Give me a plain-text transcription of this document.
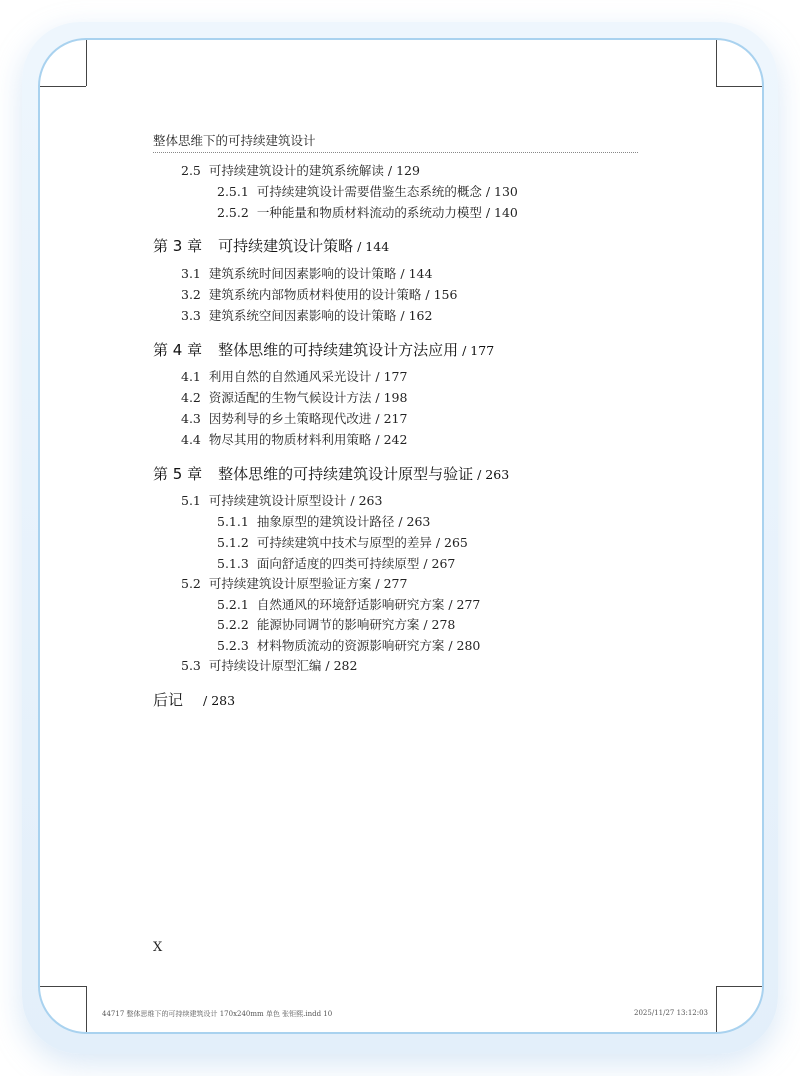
整体思维下的可持续建筑设计
2.5 可持续建筑设计的建筑系统解读 / 129
2.5.1 可持续建筑设计需要借鉴生态系统的概念 / 130
2.5.2 一种能量和物质材料流动的系统动力模型 / 140
第 3 章 可持续建筑设计策略 / 144
3.1 建筑系统时间因素影响的设计策略 / 144
3.2 建筑系统内部物质材料使用的设计策略 / 156
3.3 建筑系统空间因素影响的设计策略 / 162
第 4 章 整体思维的可持续建筑设计方法应用 / 177
4.1 利用自然的自然通风采光设计 / 177
4.2 资源适配的生物气候设计方法 / 198
4.3 因势利导的乡土策略现代改进 / 217
4.4 物尽其用的物质材料利用策略 / 242
第 5 章 整体思维的可持续建筑设计原型与验证 / 263
5.1 可持续建筑设计原型设计 / 263
5.1.1 抽象原型的建筑设计路径 / 263
5.1.2 可持续建筑中技术与原型的差异 / 265
5.1.3 面向舒适度的四类可持续原型 / 267
5.2 可持续建筑设计原型验证方案 / 277
5.2.1 自然通风的环境舒适影响研究方案 / 277
5.2.2 能源协同调节的影响研究方案 / 278
5.2.3 材料物质流动的资源影响研究方案 / 280
5.3 可持续设计原型汇编 / 282
后记 / 283
X
44717 整体思维下的可持续建筑设计 170x240mm 单色 张钜熙.indd 10	2025/11/27 13:12:03
